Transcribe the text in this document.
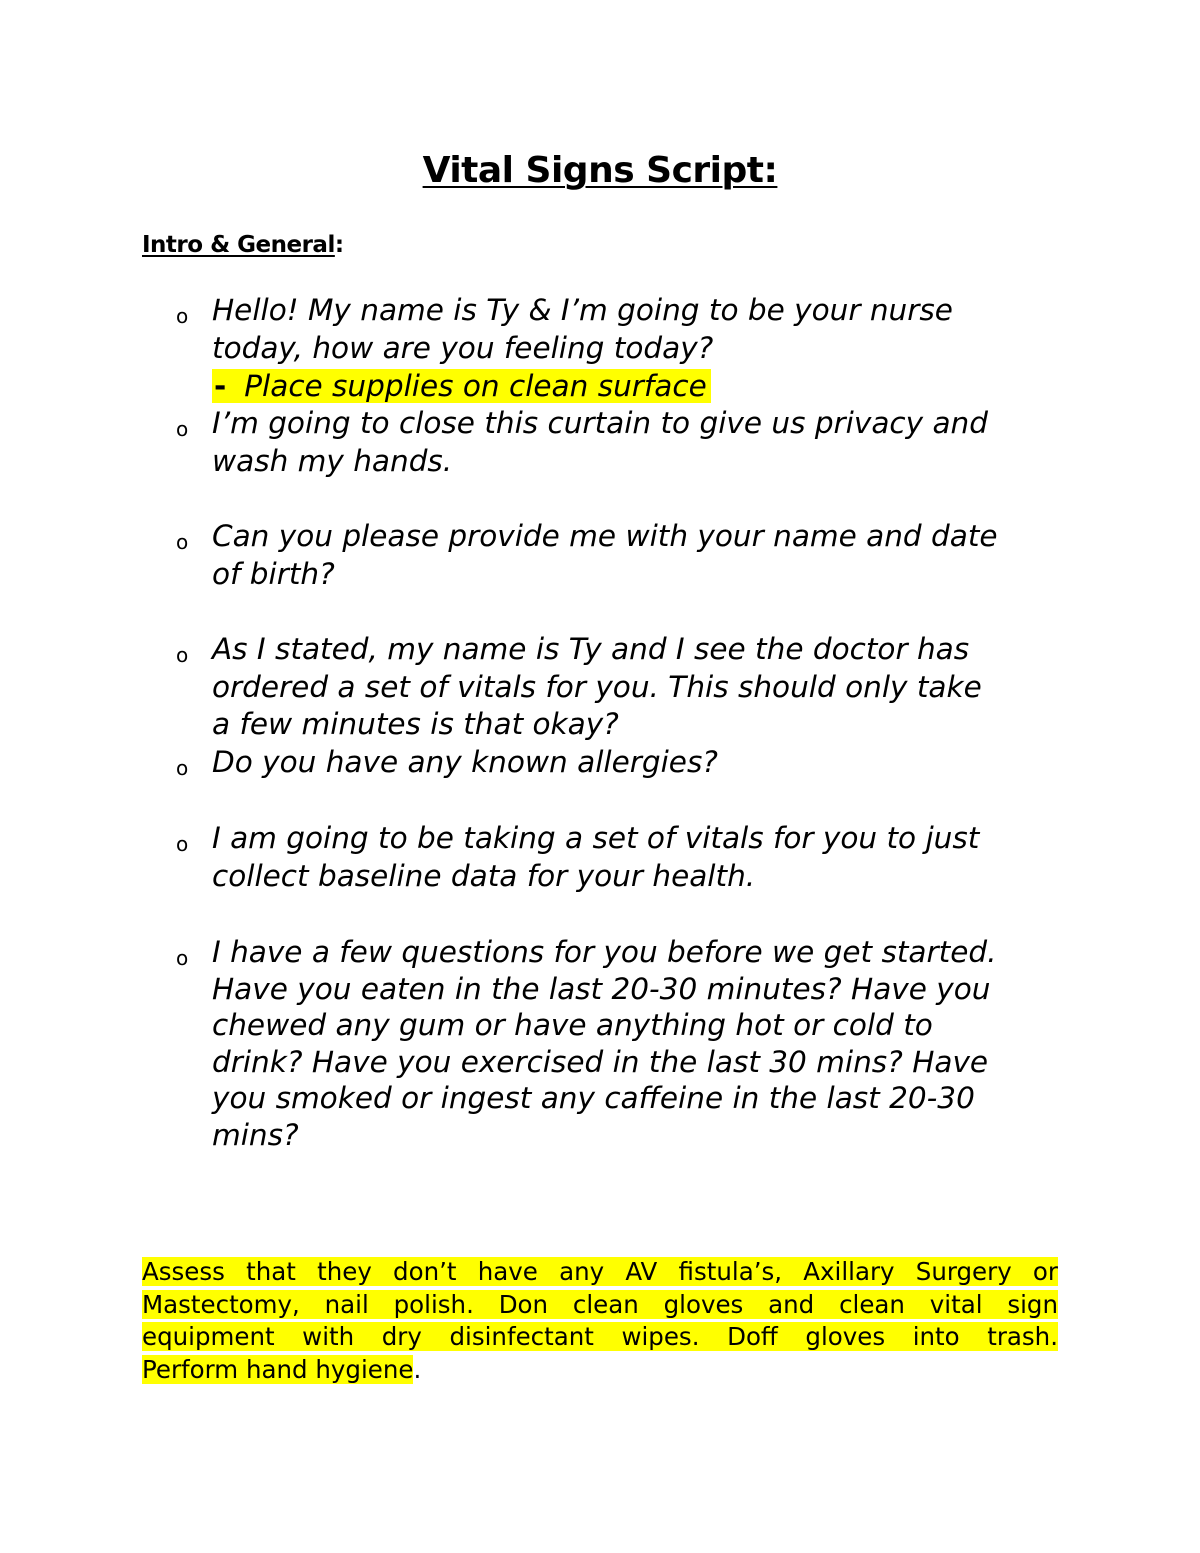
Vital Signs Script:
Intro & General:
o Hello! My name is Ty & I’m going to be your nurse
today, how are you feeling today?
- Place supplies on clean surface
o I’m going to close this curtain to give us privacy and
wash my hands.
o Can you please provide me with your name and date
of birth?
o As I stated, my name is Ty and I see the doctor has
ordered a set of vitals for you. This should only take
a few minutes is that okay?
o Do you have any known allergies?
o I am going to be taking a set of vitals for you to just
collect baseline data for your health.
o I have a few questions for you before we get started.
Have you eaten in the last 20-30 minutes? Have you
chewed any gum or have anything hot or cold to
drink? Have you exercised in the last 30 mins? Have
you smoked or ingest any caffeine in the last 20-30
mins?
Assess that they don’t have any AV fistula’s, Axillary Surgery or
Mastectomy, nail polish. Don clean gloves and clean vital sign
equipment with dry disinfectant wipes. Doff gloves into trash.
Perform hand hygiene.
